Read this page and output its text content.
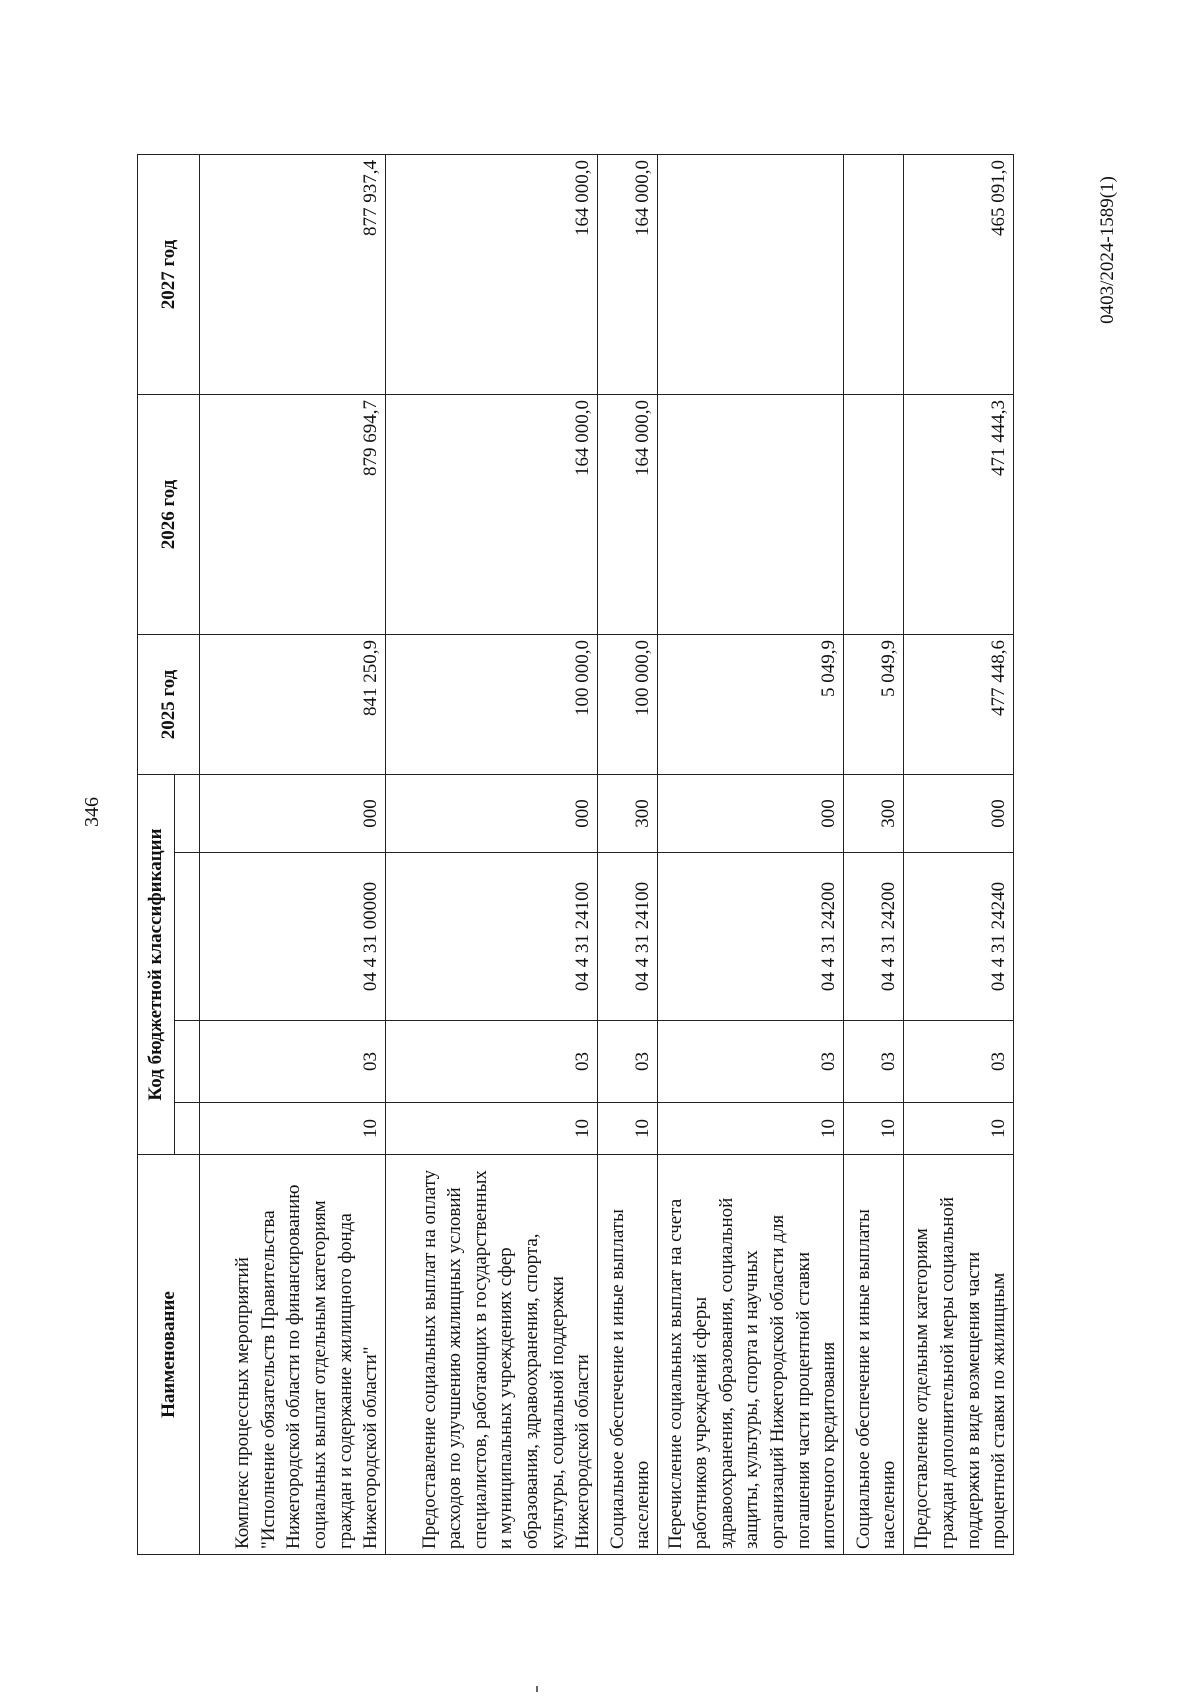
346
0403/2024-1589(1)
Наименование	Код бюджетной классификации				2025 год	2026 год	2027 год

Комплекс процессных мероприятий "Исполнение обязательств Правительства Нижегородской области по финансированию социальных выплат отдельным категориям граждан и содержание жилищного фонда Нижегородской области"	10	03	04 4 31 00000	000	841 250,9	879 694,7	877 937,4
Предоставление социальных выплат на оплату расходов по улучшению жилищных условий специалистов, работающих в государственных и муниципальных учреждениях сфер образования, здравоохранения, спорта, культуры, социальной поддержки Нижегородской области	10	03	04 4 31 24100	000	100 000,0	164 000,0	164 000,0
Социальное обеспечение и иные выплаты населению	10	03	04 4 31 24100	300	100 000,0	164 000,0	164 000,0
Перечисление социальных выплат на счета работников учреждений сферы здравоохранения, образования, социальной защиты, культуры, спорта и научных организаций Нижегородской области для погашения части процентной ставки ипотечного кредитования	10	03	04 4 31 24200	000	5 049,9		
Социальное обеспечение и иные выплаты населению	10	03	04 4 31 24200	300	5 049,9		
Предоставление отдельным категориям граждан дополнительной меры социальной поддержки в виде возмещения части процентной ставки по жилищным	10	03	04 4 31 24240	000	477 448,6	471 444,3	465 091,0
